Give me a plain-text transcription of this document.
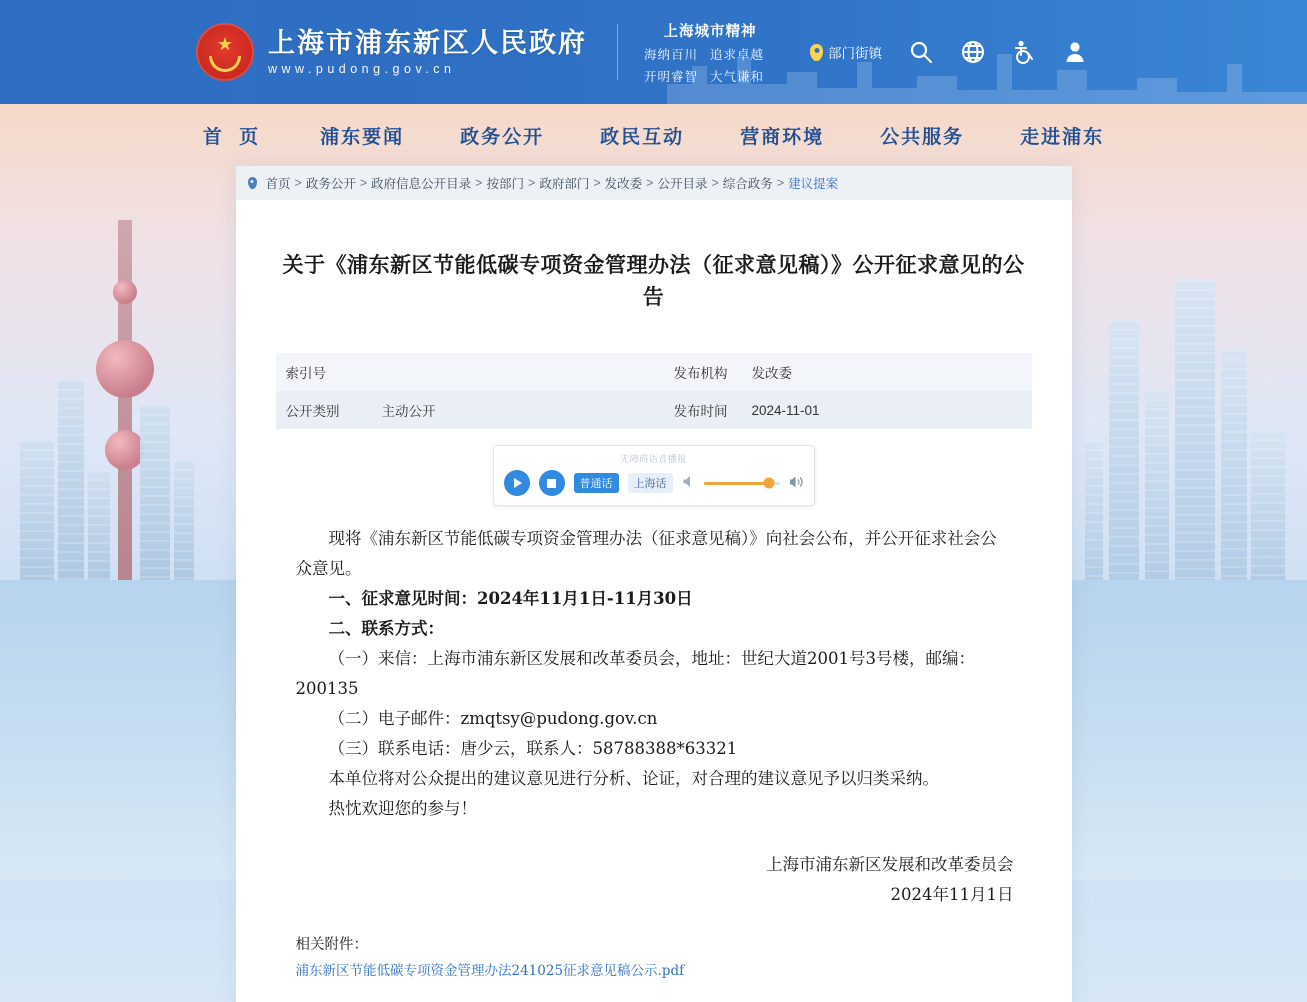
★ 上海市浦东新区人民政府
www.pudong.gov.cn
上海城市精神
海纳百川 追求卓越
开明睿智 大气谦和
部门街镇
首 页	浦东要闻	政务公开	政民互动	营商环境	公共服务	走进浦东
首页 > 政务公开 > 政府信息公开目录 > 按部门 > 政府部门 > 发改委 > 公开目录 > 综合政务 > 建议提案
关于《浦东新区节能低碳专项资金管理办法（征求意见稿）》公开征求意见的公告
索引号		发布机构	发改委
公开类别	主动公开	发布时间	2024-11-01
无障碍语音播报
普通话	上海话

现将《浦东新区节能低碳专项资金管理办法（征求意见稿）》向社会公布，并公开征求社会公众意见。

一、征求意见时间：2024年11月1日-11月30日

二、联系方式：

（一）来信：上海市浦东新区发展和改革委员会，地址：世纪大道2001号3号楼，邮编：200135

（二）电子邮件：zmqtsy@pudong.gov.cn

（三）联系电话：唐少云，联系人：58788388*63321

本单位将对公众提出的建议意见进行分析、论证，对合理的建议意见予以归类采纳。

热忱欢迎您的参与！

上海市浦东新区发展和改革委员会
2024年11月1日
相关附件：
浦东新区节能低碳专项资金管理办法241025征求意见稿公示.pdf
